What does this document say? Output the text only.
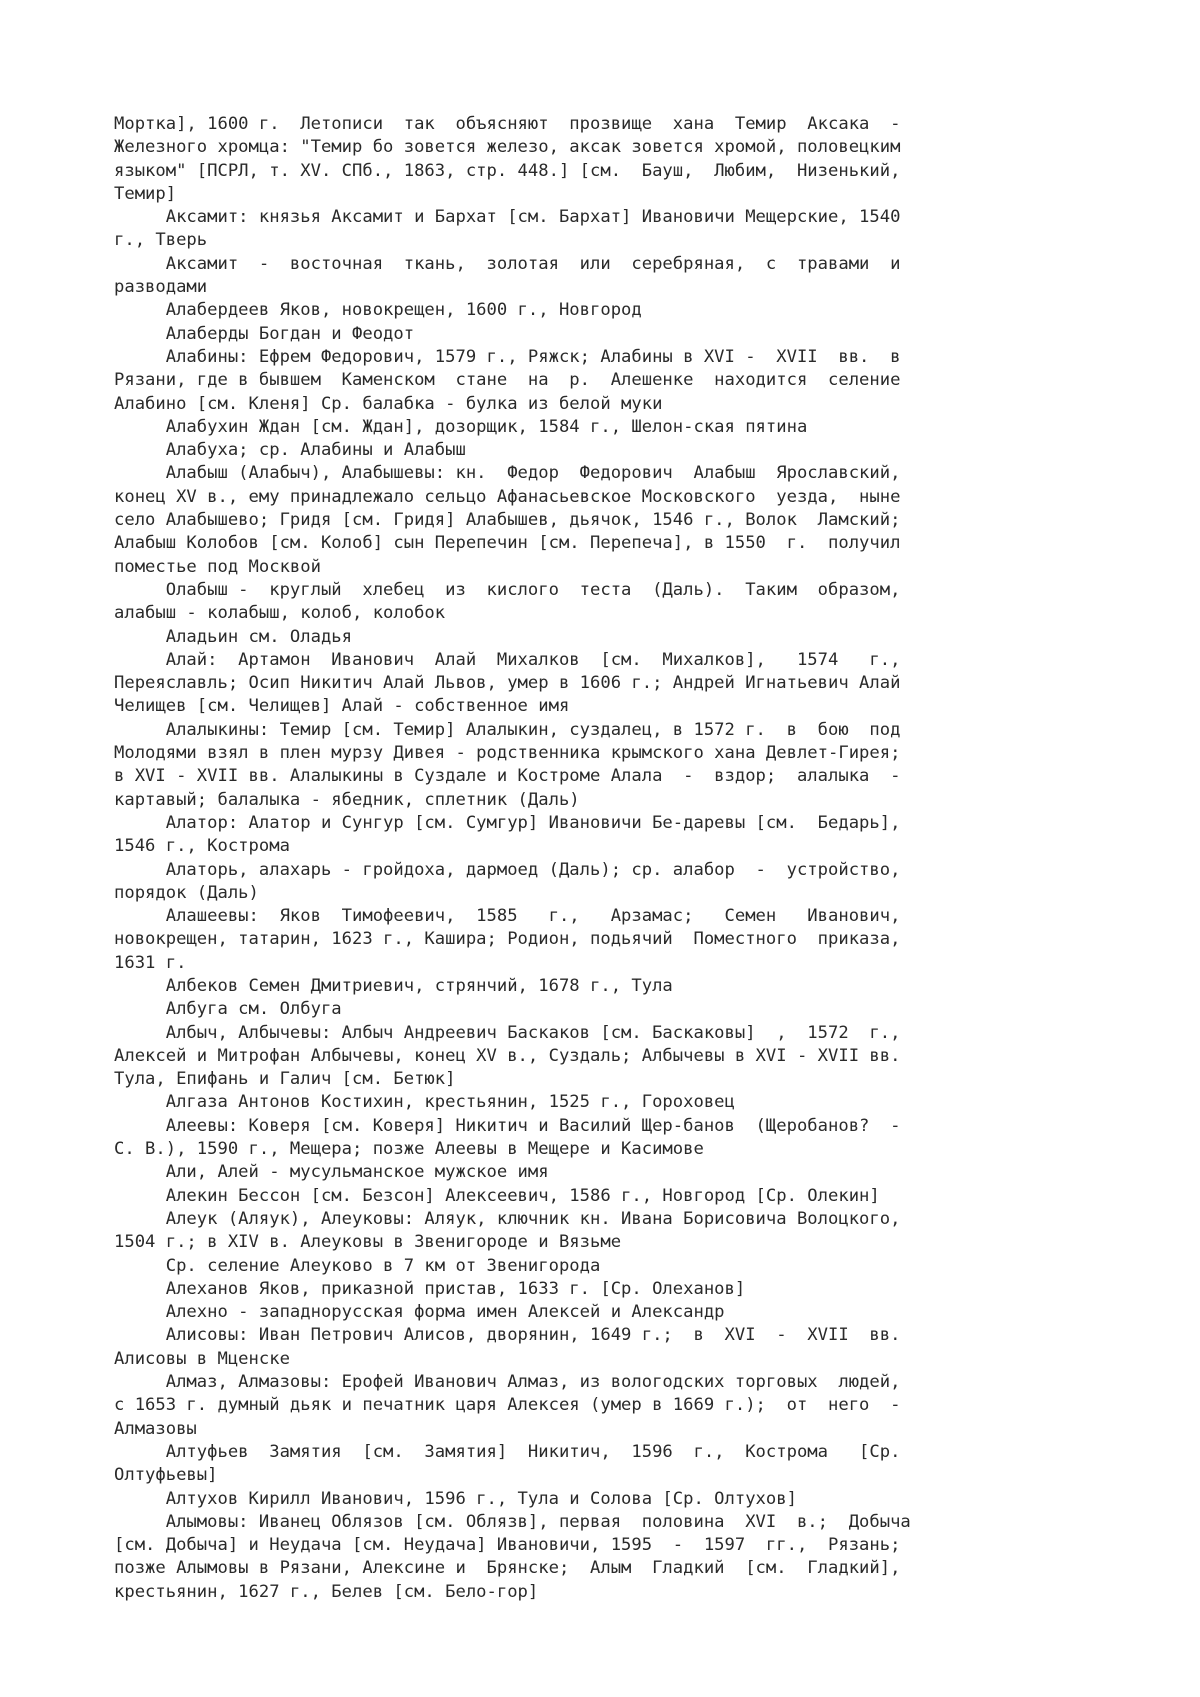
Мортка], 1600 г.  Летописи  так  объясняют  прозвище  хана  Темир  Аксака  -
Железного хромца: "Темир бо зовется железо, аксак зовется хромой, половецким
языком" [ПСРЛ, т. XV. СПб., 1863, стр. 448.] [см.  Бауш,  Любим,  Низенький,
Темир]
Аксамит: князья Аксамит и Бархат [см. Бархат] Ивановичи Мещерские, 1540
г., Тверь
Аксамит  -  восточная  ткань,  золотая  или  серебряная,  с  травами  и
разводами
Алабердеев Яков, новокрещен, 1600 г., Новгород
Алаберды Богдан и Феодот
Алабины: Ефрем Федорович, 1579 г., Ряжск; Алабины в XVI -  XVII  вв.  в
Рязани, где в бывшем  Каменском  стане  на  р.  Алешенке  находится  селение
Алабино [см. Кленя] Ср. балабка - булка из белой муки
Алабухин Ждан [см. Ждан], дозорщик, 1584 г., Шелон-ская пятина
Алабуха; ср. Алабины и Алабыш
Алабыш (Алабыч), Алабышевы: кн.  Федор  Федорович  Алабыш  Ярославский,
конец XV в., ему принадлежало сельцо Афанасьевское Московского  уезда,  ныне
село Алабышево; Гридя [см. Гридя] Алабышев, дьячок, 1546 г., Волок  Ламский;
Алабыш Колобов [см. Колоб] сын Перепечин [см. Перепеча], в 1550  г.  получил
поместье под Москвой
Олабыш -  круглый  хлебец  из  кислого  теста  (Даль).  Таким  образом,
алабыш - колабыш, колоб, колобок
Аладьин см. Оладья
Алай:  Артамон  Иванович  Алай  Михалков  [см.  Михалков],   1574   г.,
Переяславль; Осип Никитич Алай Львов, умер в 1606 г.; Андрей Игнатьевич Алай
Челищев [см. Челищев] Алай - собственное имя
Алалыкины: Темир [см. Темир] Алалыкин, суздалец, в 1572 г.  в  бою  под
Молодями взял в плен мурзу Дивея - родственника крымского хана Девлет-Гирея;
в XVI - XVII вв. Алалыкины в Суздале и Костроме Алала  -  вздор;  алалыка  -
картавый; балалыка - ябедник, сплетник (Даль)
Алатор: Алатор и Сунгур [см. Сумгур] Ивановичи Бе-даревы [см.  Бедарь],
1546 г., Кострома
Алаторь, алахарь - гройдоха, дармоед (Даль); ср. алабор  -  устройство,
порядок (Даль)
Алашеевы:  Яков  Тимофеевич,  1585   г.,   Арзамас;   Семен   Иванович,
новокрещен, татарин, 1623 г., Кашира; Родион, подьячий  Поместного  приказа,
1631 г.
Албеков Семен Дмитриевич, стрянчий, 1678 г., Тула
Албуга см. Олбуга
Албыч, Албычевы: Албыч Андреевич Баскаков [см. Баскаковы]  ,  1572  г.,
Алексей и Митрофан Албычевы, конец XV в., Суздаль; Албычевы в XVI - XVII вв.
Тула, Епифань и Галич [см. Бетюк]
Алгаза Антонов Костихин, крестьянин, 1525 г., Гороховец
Алеевы: Коверя [см. Коверя] Никитич и Василий Щер-банов  (Щеробанов?  -
С. В.), 1590 г., Мещера; позже Алеевы в Мещере и Касимове
Али, Алей - мусульманское мужское имя
Алекин Бессон [см. Безсон] Алексеевич, 1586 г., Новгород [Ср. Олекин]
Алеук (Аляук), Алеуковы: Аляук, ключник кн. Ивана Борисовича Волоцкого,
1504 г.; в XIV в. Алеуковы в Звенигороде и Вязьме
Ср. селение Алеуково в 7 км от Звенигорода
Алеханов Яков, приказной пристав, 1633 г. [Ср. Олеханов]
Алехно - западнорусская форма имен Алексей и Александр
Алисовы: Иван Петрович Алисов, дворянин, 1649 г.;  в  XVI  -  XVII  вв.
Алисовы в Мценске
Алмаз, Алмазовы: Ерофей Иванович Алмаз, из вологодских торговых  людей,
с 1653 г. думный дьяк и печатник царя Алексея (умер в 1669 г.);  от  него  -
Алмазовы
Алтуфьев  Замятия  [см.  Замятия]  Никитич,  1596  г.,  Кострома   [Ср.
Олтуфьевы]
Алтухов Кирилл Иванович, 1596 г., Тула и Солова [Ср. Олтухов]
Алымовы: Иванец Облязов [см. Облязв], первая  половина  XVI  в.;  Добыча
[см. Добыча] и Неудача [см. Неудача] Ивановичи, 1595  -  1597  гг.,  Рязань;
позже Алымовы в Рязани, Алексине и  Брянске;  Алым  Гладкий  [см.  Гладкий],
крестьянин, 1627 г., Белев [см. Бело-гор]
